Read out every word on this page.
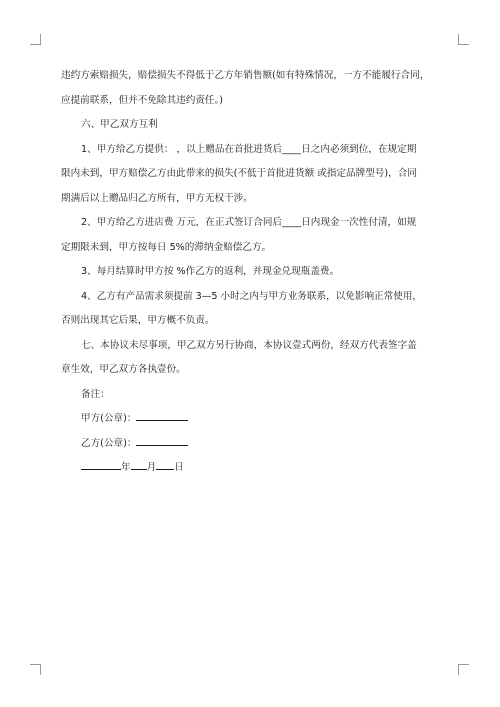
违约方索赔损失，赔偿损失不得低于乙方年销售额(如有特殊情况，一方不能履行合同，
应提前联系，但并不免除其违约责任。)
六、甲乙双方互利
1、甲方给乙方提供： ，以上赠品在首批进货后____日之内必须到位，在规定期
限内未到，甲方赔偿乙方由此带来的损失(不低于首批进货额 或指定品牌型号)，合同
期满后以上赠品归乙方所有，甲方无权干涉。
2、甲方给乙方进店费 万元，在正式签订合同后____日内现金一次性付清，如规
定期限未到，甲方按每日 5%的滞纳金赔偿乙方。
3、每月结算时甲方按 %作乙方的返利，并现金兑现瓶盖费。
4、乙方有产品需求须提前 3—5 小时之内与甲方业务联系，以免影响正常使用，
否则出现其它后果，甲方概不负责。
七、本协议未尽事项，甲乙双方另行协商，本协议壹式两份，经双方代表签字盖
章生效，甲乙双方各执壹份。
备注：
甲方(公章)：
乙方(公章)：
年 月 日
